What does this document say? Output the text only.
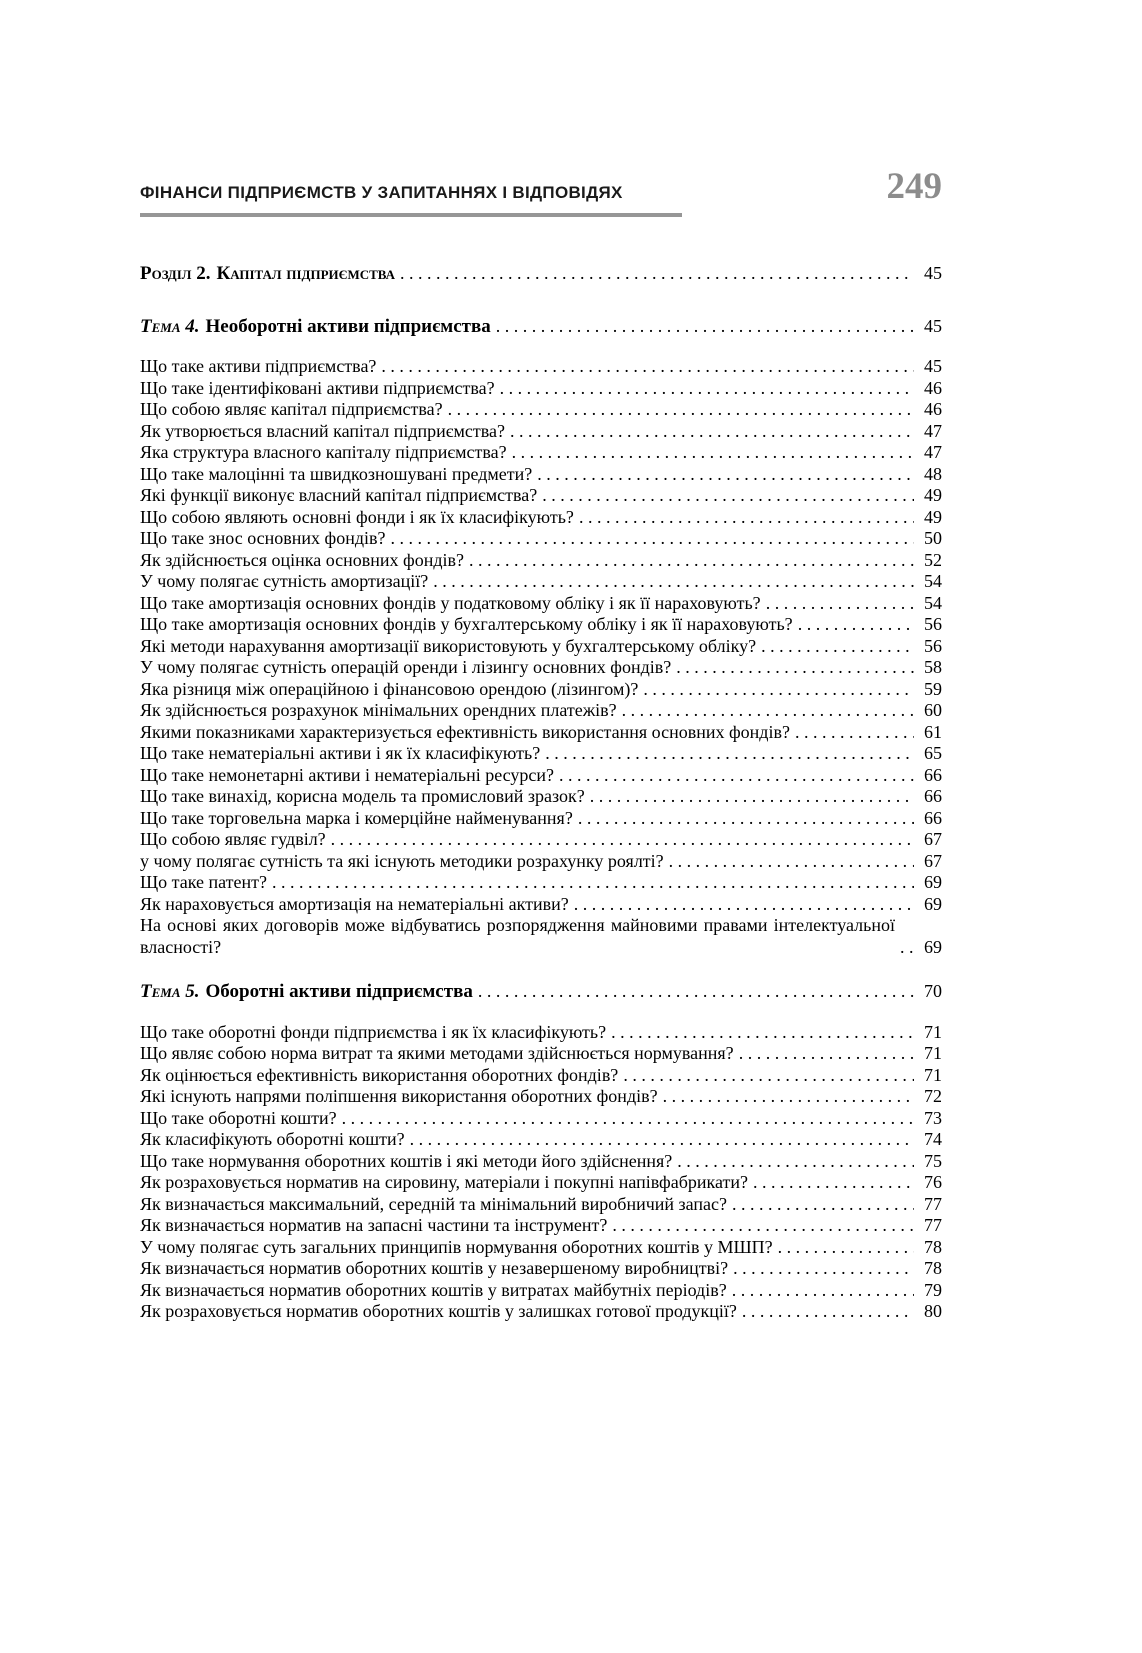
ФІНАНСИ ПІДПРИЄМСТВ У ЗАПИТАННЯХ І ВІДПОВІДЯХ	249
Розділ 2. Капітал підприємства . . .	45
Тема 4. Необоротні активи підприємства . . .	45
Що таке активи підприємства? . . .	45
Що таке ідентифіковані активи підприємства? . . .	46
Що собою являє капітал підприємства? . . .	46
Як утворюється власний капітал підприємства? . . .	47
Яка структура власного капіталу підприємства? . . .	47
Що таке малоцінні та швидкозношувані предмети? . . .	48
Які функції виконує власний капітал підприємства? . . .	49
Що собою являють основні фонди і як їх класифікують? . . .	49
Що таке знос основних фондів? . . .	50
Як здійснюється оцінка основних фондів? . . .	52
У чому полягає сутність амортизації? . . .	54
Що таке амортизація основних фондів у податковому обліку і як її нараховують? . . .	54
Що таке амортизація основних фондів у бухгалтерському обліку і як її нараховують? . . .	56
Які методи нарахування амортизації використовують у бухгалтерському обліку? . . .	56
У чому полягає сутність операцій оренди і лізингу основних фондів? . . .	58
Яка різниця між операційною і фінансовою орендою (лізингом)? . . .	59
Як здійснюється розрахунок мінімальних орендних платежів? . . .	60
Якими показниками характеризується ефективність використання основних фондів? . . .	61
Що таке нематеріальні активи і як їх класифікують? . . .	65
Що таке немонетарні активи і нематеріальні ресурси? . . .	66
Що таке винахід, корисна модель та промисловий зразок? . . .	66
Що таке торговельна марка і комерційне найменування? . . .	66
Що собою являє гудвіл? . . .	67
у чому полягає сутність та які існують методики розрахунку роялті? . . .	67
Що таке патент? . . .	69
Як нараховується амортизація на нематеріальні активи? . . .	69
На основі яких договорів може відбуватись розпорядження майновими правами інтелектуальної власності? . . .	69
Тема 5. Оборотні активи підприємства . . .	70
Що таке оборотні фонди підприємства і як їх класифікують? . . .	71
Що являє собою норма витрат та якими методами здійснюється нормування? . . .	71
Як оцінюється ефективність використання оборотних фондів? . . .	71
Які існують напрями поліпшення використання оборотних фондів? . . .	72
Що таке оборотні кошти? . . .	73
Як класифікують оборотні кошти? . . .	74
Що таке нормування оборотних коштів і які методи його здійснення? . . .	75
Як розраховується норматив на сировину, матеріали і покупні напівфабрикати? . . .	76
Як визначається максимальний, середній та мінімальний виробничий запас? . . .	77
Як визначається норматив на запасні частини та інструмент? . . .	77
У чому полягає суть загальних принципів нормування оборотних коштів у МШП? . . .	78
Як визначається норматив оборотних коштів у незавершеному виробництві? . . .	78
Як визначається норматив оборотних коштів у витратах майбутніх періодів? . . .	79
Як розраховується норматив оборотних коштів у залишках готової продукції? . . .	80
